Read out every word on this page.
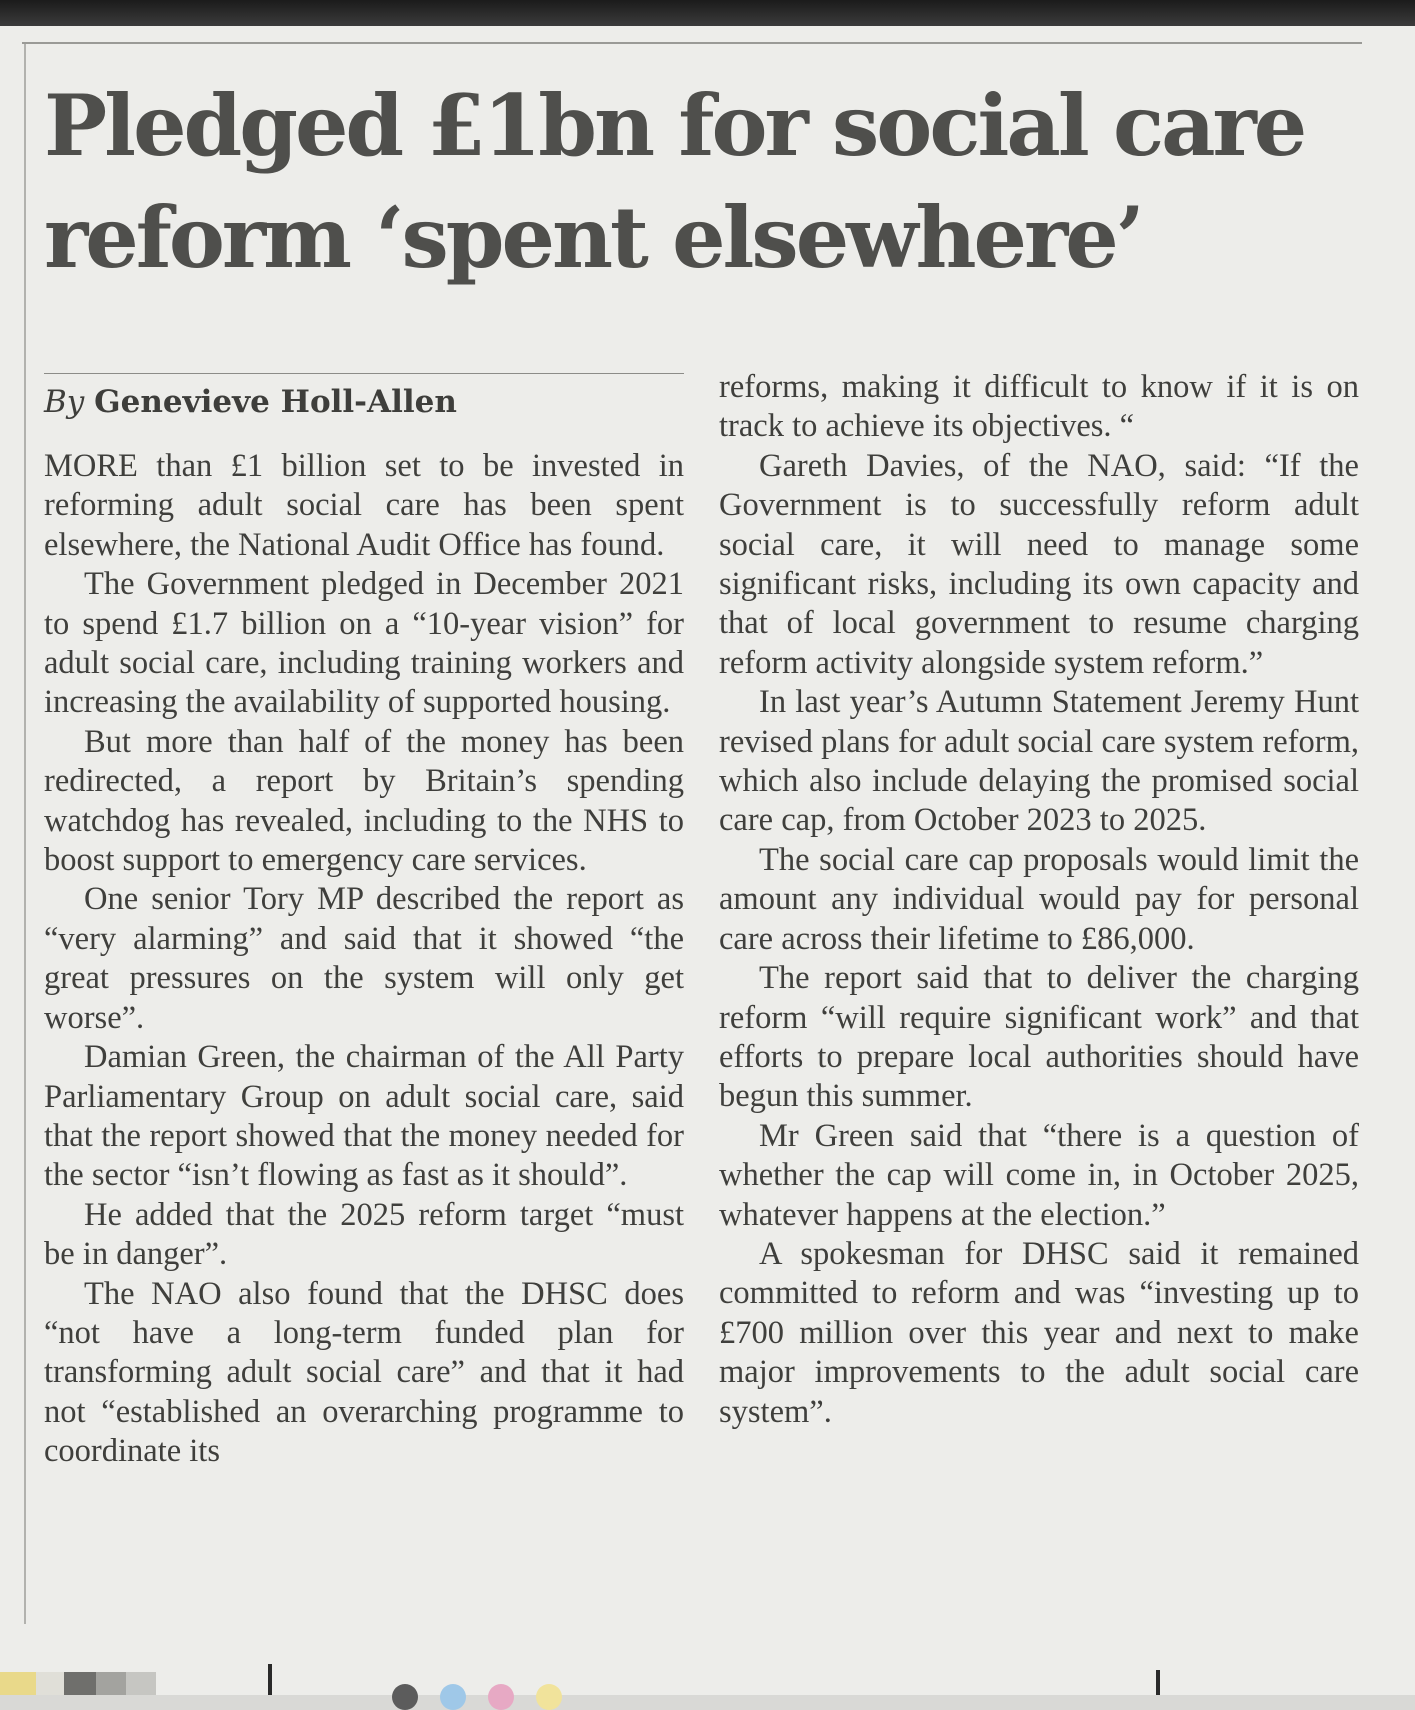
Pledged £1bn for social care
reform ‘spent elsewhere’
By Genevieve Holl-Allen

MORE than £1 billion set to be invested in reforming adult social care has been spent elsewhere, the National Audit Office has found.

The Government pledged in December 2021 to spend £1.7 billion on a “10-year vision” for adult social care, including training workers and increasing the availability of supported housing.

But more than half of the money has been redirected, a report by Britain’s spending watchdog has revealed, including to the NHS to boost support to emergency care services.

One senior Tory MP described the report as “very alarming” and said that it showed “the great pressures on the system will only get worse”.

Damian Green, the chairman of the All Party Parliamentary Group on adult social care, said that the report showed that the money needed for the sector “isn’t flowing as fast as it should”.

He added that the 2025 reform target “must be in danger”.

The NAO also found that the DHSC does “not have a long-term funded plan for transforming adult social care” and that it had not “established an overarching programme to coordinate its

reforms, making it difficult to know if it is on track to achieve its objectives. “

Gareth Davies, of the NAO, said: “If the Government is to successfully reform adult social care, it will need to manage some significant risks, including its own capacity and that of local government to resume charging reform activity alongside system reform.”

In last year’s Autumn Statement Jeremy Hunt revised plans for adult social care system reform, which also include delaying the promised social care cap, from October 2023 to 2025.

The social care cap proposals would limit the amount any individual would pay for personal care across their lifetime to £86,000.

The report said that to deliver the charging reform “will require significant work” and that efforts to prepare local authorities should have begun this summer.

Mr Green said that “there is a question of whether the cap will come in, in October 2025, whatever happens at the election.”

A spokesman for DHSC said it remained committed to reform and was “investing up to £700 million over this year and next to make major improvements to the adult social care system”.
